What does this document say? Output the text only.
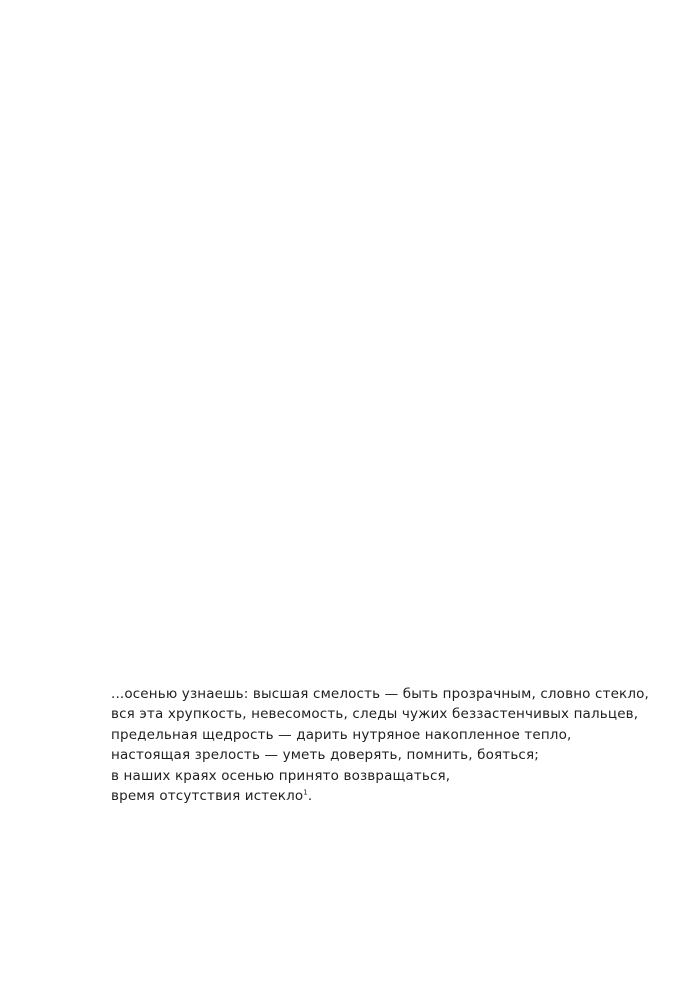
...осенью узнаешь: высшая смелость — быть прозрачным, словно стекло,
вся эта хрупкость, невесомость, следы чужих беззастенчивых пальцев,
предельная щедрость — дарить нутряное накопленное тепло,
настоящая зрелость — уметь доверять, помнить, бояться;
в наших краях осенью принято возвращаться,
время отсутствия истекло$^1$.
